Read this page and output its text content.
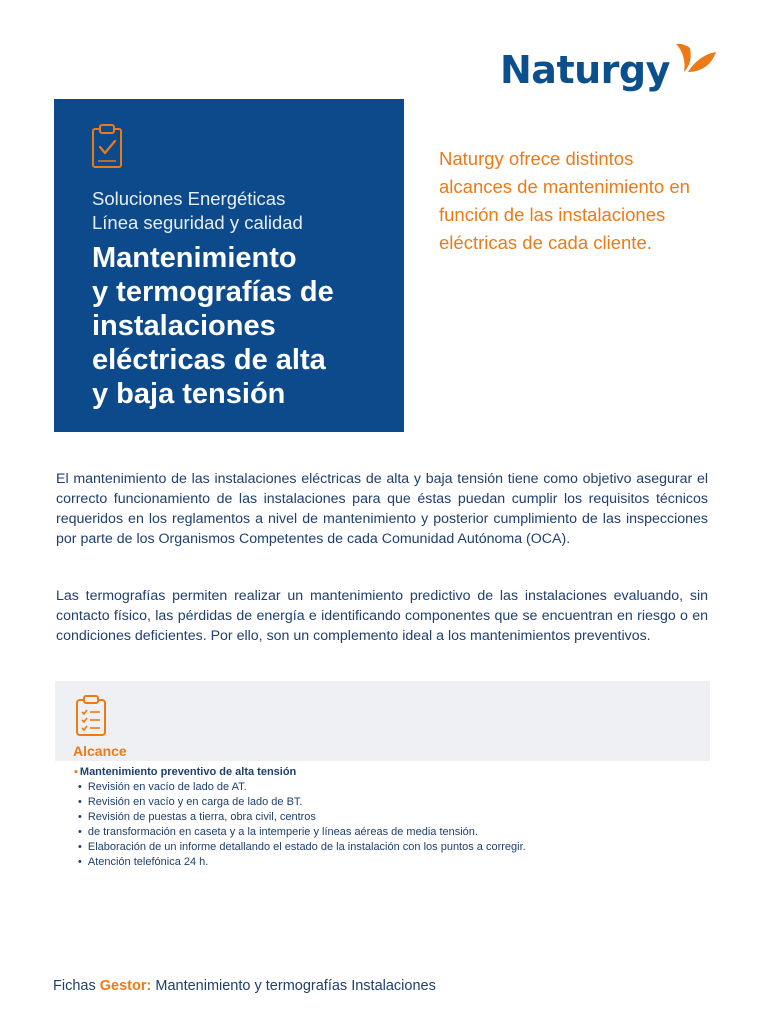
Naturgy
Soluciones Energéticas
Línea seguridad y calidad
Mantenimiento
y termografías de
instalaciones
eléctricas de alta
y baja tensión
Naturgy ofrece distintos
alcances de mantenimiento en
función de las instalaciones
eléctricas de cada cliente.

El mantenimiento de las instalaciones eléctricas de alta y baja tensión tiene como objetivo asegurar el correcto funcionamiento de las instalaciones para que éstas puedan cumplir los requisitos técnicos requeridos en los reglamentos a nivel de mantenimiento y posterior cumplimiento de las inspecciones por parte de los Organismos Competentes de cada Comunidad Autónoma (OCA).

Las termografías permiten realizar un mantenimiento predictivo de las instalaciones evaluando, sin contacto físico, las pérdidas de energía e identificando componentes que se encuentran en riesgo o en condiciones deficientes. Por ello, son un complemento ideal a los mantenimientos preventivos.

Alcance
▪ Mantenimiento preventivo de alta tensión
• Revisión en vacío de lado de AT.
• Revisión en vacío y en carga de lado de BT.
• Revisión de puestas a tierra, obra civil, centros
• de transformación en caseta y a la intemperie y líneas aéreas de media tensión.
• Elaboración de un informe detallando el estado de la instalación con los puntos a corregir.
• Atención telefónica 24 h.
Fichas Gestor: Mantenimiento y termografías Instalaciones
